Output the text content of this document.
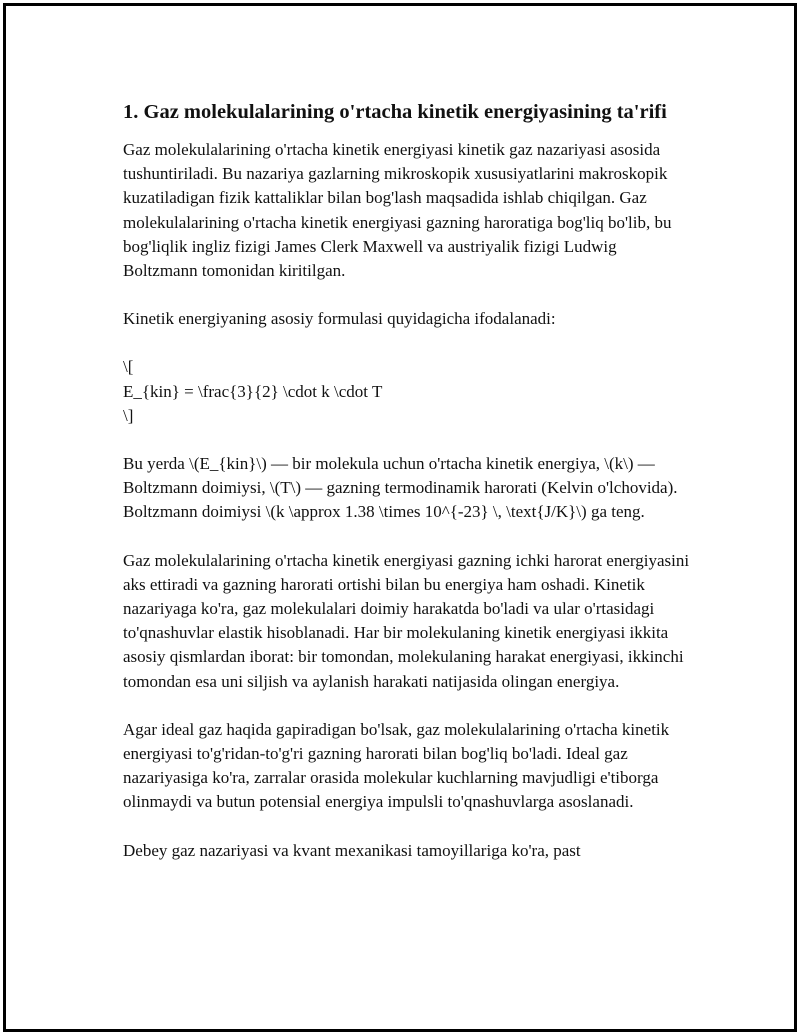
1. Gaz molekulalarining o'rtacha kinetik energiyasining ta'rifi

Gaz molekulalarining o'rtacha kinetik energiyasi kinetik gaz nazariyasi asosida tushuntiriladi. Bu nazariya gazlarning mikroskopik xususiyatlarini makroskopik kuzatiladigan fizik kattaliklar bilan bog'lash maqsadida ishlab chiqilgan. Gaz molekulalarining o'rtacha kinetik energiyasi gazning haroratiga bog'liq bo'lib, bu bog'liqlik ingliz fizigi James Clerk Maxwell va austriyalik fizigi Ludwig Boltzmann tomonidan kiritilgan.

Kinetik energiyaning asosiy formulasi quyidagicha ifodalanadi:

\[
E_{kin} = \frac{3}{2} \cdot k \cdot T
\]

Bu yerda \(E_{kin}\) — bir molekula uchun o'rtacha kinetik energiya, \(k\) — Boltzmann doimiysi, \(T\) — gazning termodinamik harorati (Kelvin o'lchovida). Boltzmann doimiysi \(k \approx 1.38 \times 10^{-23} \, \text{J/K}\) ga teng.

Gaz molekulalarining o'rtacha kinetik energiyasi gazning ichki harorat energiyasini aks ettiradi va gazning harorati ortishi bilan bu energiya ham oshadi. Kinetik nazariyaga ko'ra, gaz molekulalari doimiy harakatda bo'ladi va ular o'rtasidagi to'qnashuvlar elastik hisoblanadi. Har bir molekulaning kinetik energiyasi ikkita asosiy qismlardan iborat: bir tomondan, molekulaning harakat energiyasi, ikkinchi tomondan esa uni siljish va aylanish harakati natijasida olingan energiya.

Agar ideal gaz haqida gapiradigan bo'lsak, gaz molekulalarining o'rtacha kinetik energiyasi to'g'ridan-to'g'ri gazning harorati bilan bog'liq bo'ladi. Ideal gaz nazariyasiga ko'ra, zarralar orasida molekular kuchlarning mavjudligi e'tiborga olinmaydi va butun potensial energiya impulsli to'qnashuvlarga asoslanadi.

Debey gaz nazariyasi va kvant mexanikasi tamoyillariga ko'ra, past
